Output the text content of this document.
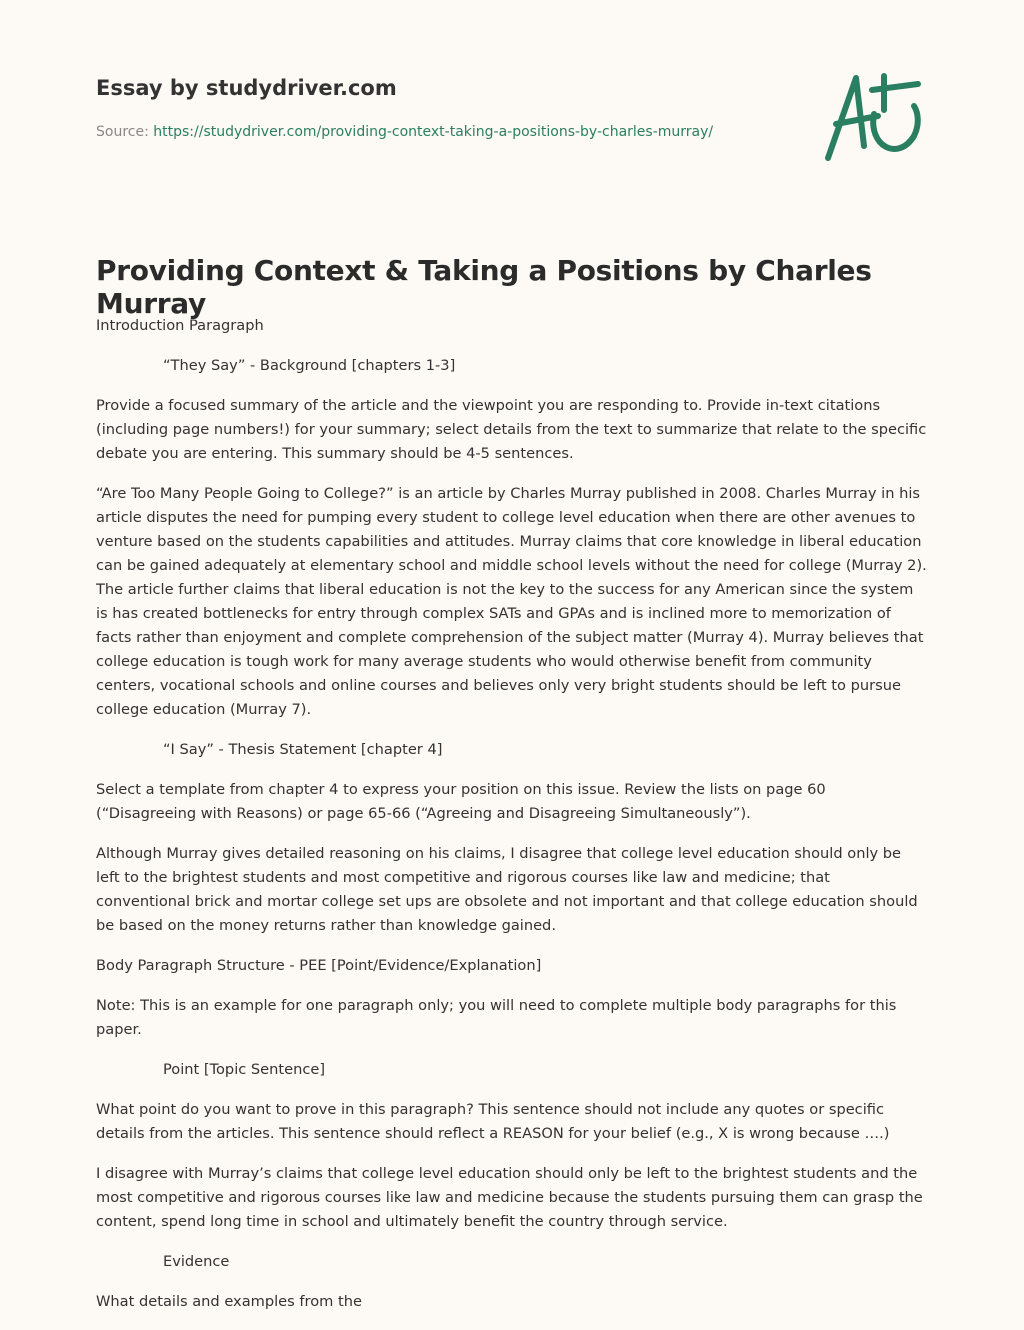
Essay by studydriver.com
Source: https://studydriver.com/providing-context-taking-a-positions-by-charles-murray/
Providing Context & Taking a Positions by Charles Murray

Introduction Paragraph

“They Say” - Background [chapters 1-3]

Provide a focused summary of the article and the viewpoint you are responding to. Provide in-text citations (including page numbers!) for your summary; select details from the text to summarize that relate to the specific debate you are entering. This summary should be 4-5 sentences.

“Are Too Many People Going to College?” is an article by Charles Murray published in 2008. Charles Murray in his article disputes the need for pumping every student to college level education when there are other avenues to venture based on the students capabilities and attitudes. Murray claims that core knowledge in liberal education can be gained adequately at elementary school and middle school levels without the need for college (Murray 2). The article further claims that liberal education is not the key to the success for any American since the system is has created bottlenecks for entry through complex SATs and GPAs and is inclined more to memorization of facts rather than enjoyment and complete comprehension of the subject matter (Murray 4). Murray believes that college education is tough work for many average students who would otherwise benefit from community centers, vocational schools and online courses and believes only very bright students should be left to pursue college education (Murray 7).

“I Say” - Thesis Statement [chapter 4]

Select a template from chapter 4 to express your position on this issue. Review the lists on page 60 (“Disagreeing with Reasons) or page 65-66 (“Agreeing and Disagreeing Simultaneously”).

Although Murray gives detailed reasoning on his claims, I disagree that college level education should only be left to the brightest students and most competitive and rigorous courses like law and medicine; that conventional brick and mortar college set ups are obsolete and not important and that college education should be based on the money returns rather than knowledge gained.

Body Paragraph Structure - PEE [Point/Evidence/Explanation]

Note: This is an example for one paragraph only; you will need to complete multiple body paragraphs for this paper.

Point [Topic Sentence]

What point do you want to prove in this paragraph? This sentence should not include any quotes or specific details from the articles. This sentence should reflect a REASON for your belief (e.g., X is wrong because ….)

I disagree with Murray’s claims that college level education should only be left to the brightest students and the most competitive and rigorous courses like law and medicine because the students pursuing them can grasp the content, spend long time in school and ultimately benefit the country through service.

Evidence

What details and examples from the
